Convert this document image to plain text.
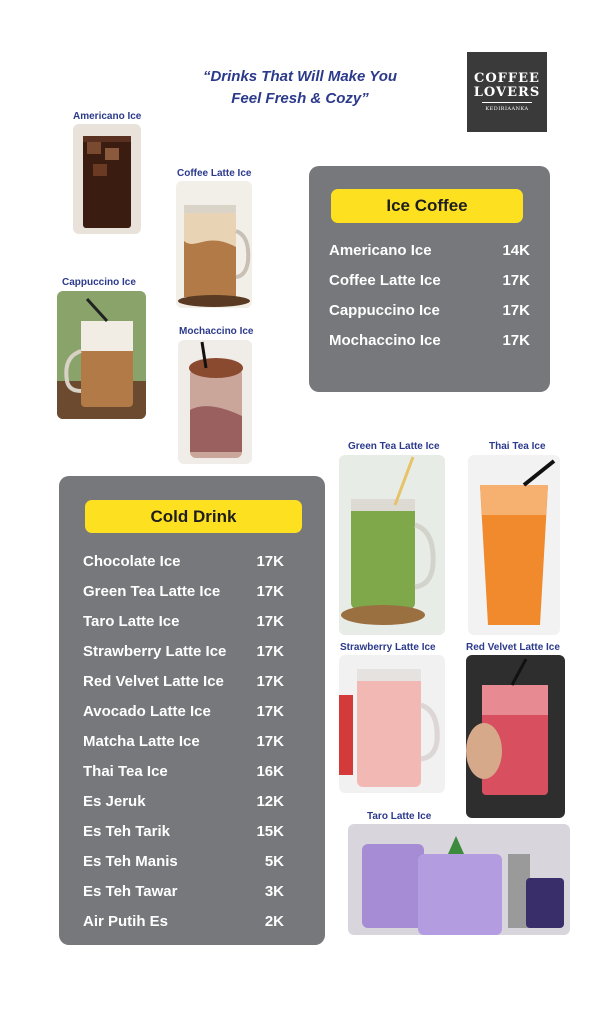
“Drinks That Will Make You
Feel Fresh & Cozy”
COFFEE
LOVERS
KEDIRIAANKA
Americano Ice
Coffee Latte Ice
Cappuccino Ice
Mochaccino Ice
Green Tea Latte Ice	Thai Tea Ice
Strawberry Latte Ice	Red Velvet Latte Ice
Taro Latte Ice
Ice Coffee
Americano Ice	14K
Coffee Latte Ice	17K
Cappuccino Ice	17K
Mochaccino Ice	17K
Cold Drink
Chocolate Ice	17K
Green Tea Latte Ice 17K
Taro Latte Ice	17K
Strawberry Latte Ice 17K
Red Velvet Latte Ice 17K
Avocado Latte Ice	17K
Matcha Latte Ice	17K
Thai Tea Ice	16K
Es Jeruk	12K
Es Teh Tarik	15K
Es Teh Manis	5K
Es Teh Tawar	3K
Air Putih Es	2K
